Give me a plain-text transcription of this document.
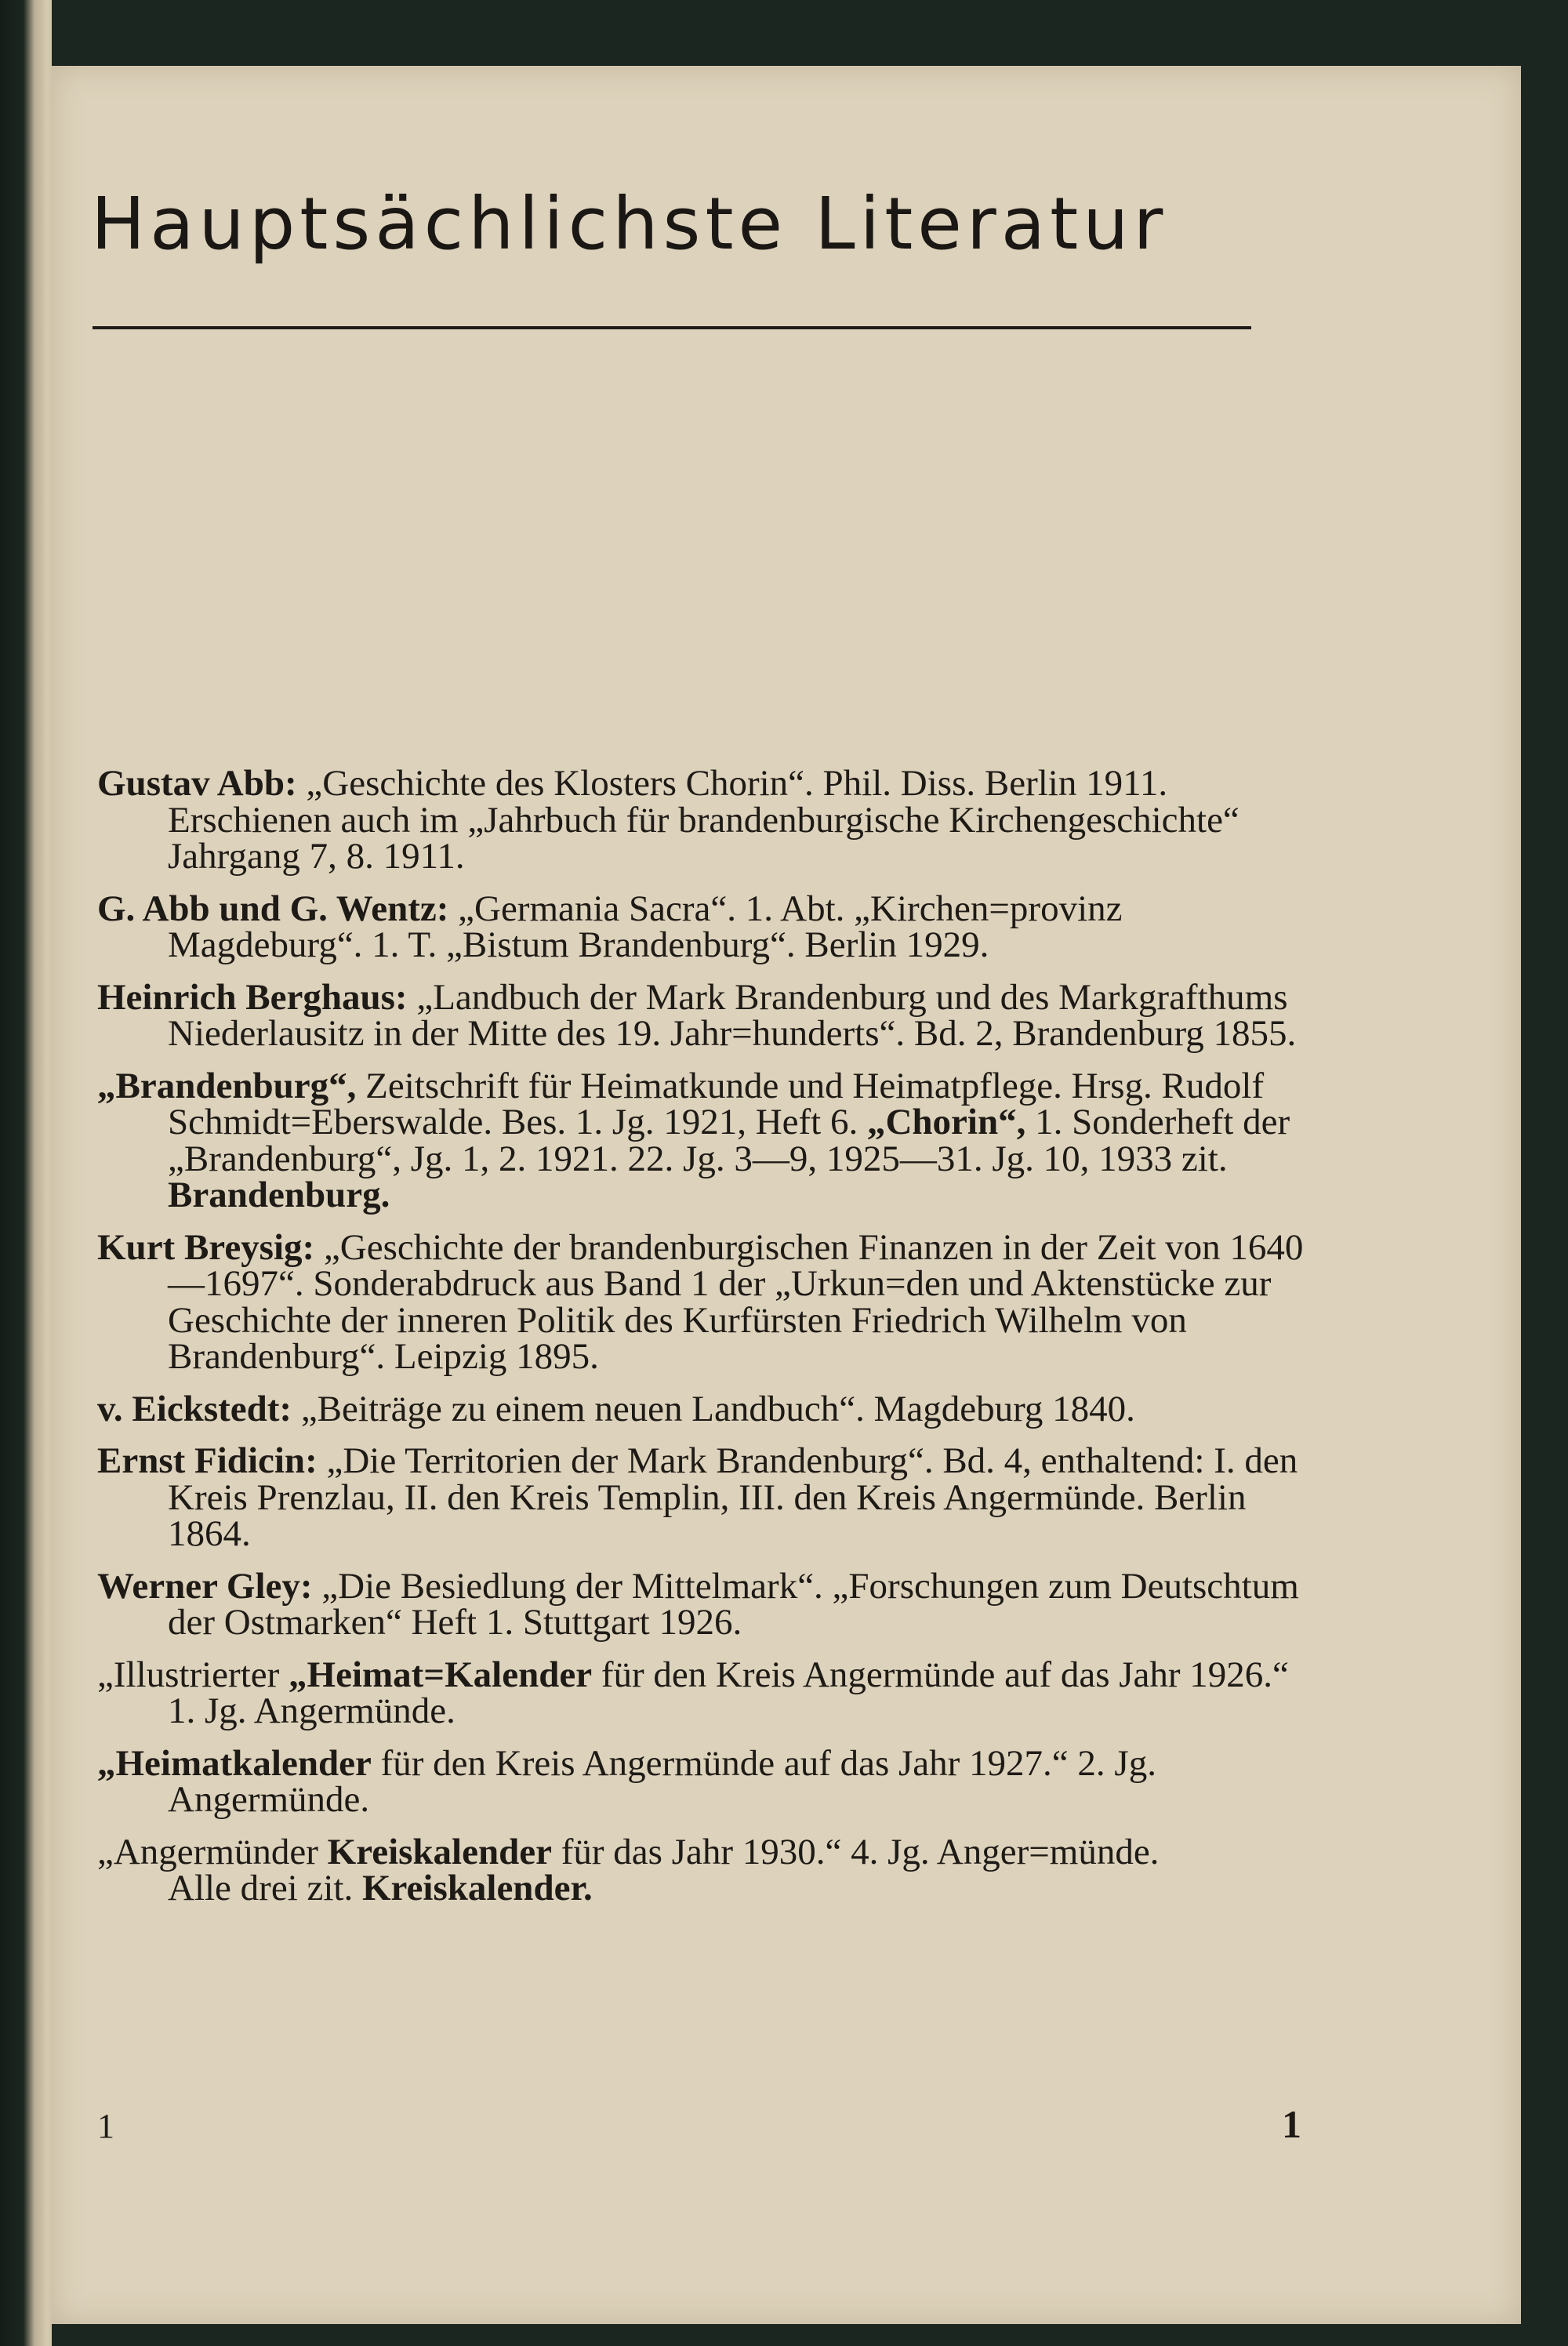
Hauptsächlichste Literatur
Gustav Abb: „Geschichte des Klosters Chorin“. Phil. Diss. Berlin 1911. Erschienen auch im „Jahrbuch für brandenburgische Kirchengeschichte“ Jahrgang 7, 8. 1911.
G. Abb und G. Wentz: „Germania Sacra“. 1. Abt. „Kirchen=provinz Magdeburg“. 1. T. „Bistum Brandenburg“. Berlin 1929.
Heinrich Berghaus: „Landbuch der Mark Brandenburg und des Markgrafthums Niederlausitz in der Mitte des 19. Jahr=hunderts“. Bd. 2, Brandenburg 1855.
„Brandenburg“, Zeitschrift für Heimatkunde und Heimatpflege. Hrsg. Rudolf Schmidt=Eberswalde. Bes. 1. Jg. 1921, Heft 6. „Chorin“, 1. Sonderheft der „Brandenburg“, Jg. 1, 2. 1921. 22. Jg. 3—9, 1925—31. Jg. 10, 1933 zit. Brandenburg.
Kurt Breysig: „Geschichte der brandenburgischen Finanzen in der Zeit von 1640—1697“. Sonderabdruck aus Band 1 der „Urkun=den und Aktenstücke zur Geschichte der inneren Politik des Kurfürsten Friedrich Wilhelm von Brandenburg“. Leipzig 1895.
v. Eickstedt: „Beiträge zu einem neuen Landbuch“. Magdeburg 1840.
Ernst Fidicin: „Die Territorien der Mark Brandenburg“. Bd. 4, enthaltend: I. den Kreis Prenzlau, II. den Kreis Templin, III. den Kreis Angermünde. Berlin 1864.
Werner Gley: „Die Besiedlung der Mittelmark“. „Forschungen zum Deutschtum der Ostmarken“ Heft 1. Stuttgart 1926.
„Illustrierter „Heimat=Kalender für den Kreis Angermünde auf das Jahr 1926.“ 1. Jg. Angermünde.
„Heimatkalender für den Kreis Angermünde auf das Jahr 1927.“ 2. Jg. Angermünde.
„Angermünder Kreiskalender für das Jahr 1930.“ 4. Jg. Anger=münde.
Alle drei zit. Kreiskalender.
1	1
